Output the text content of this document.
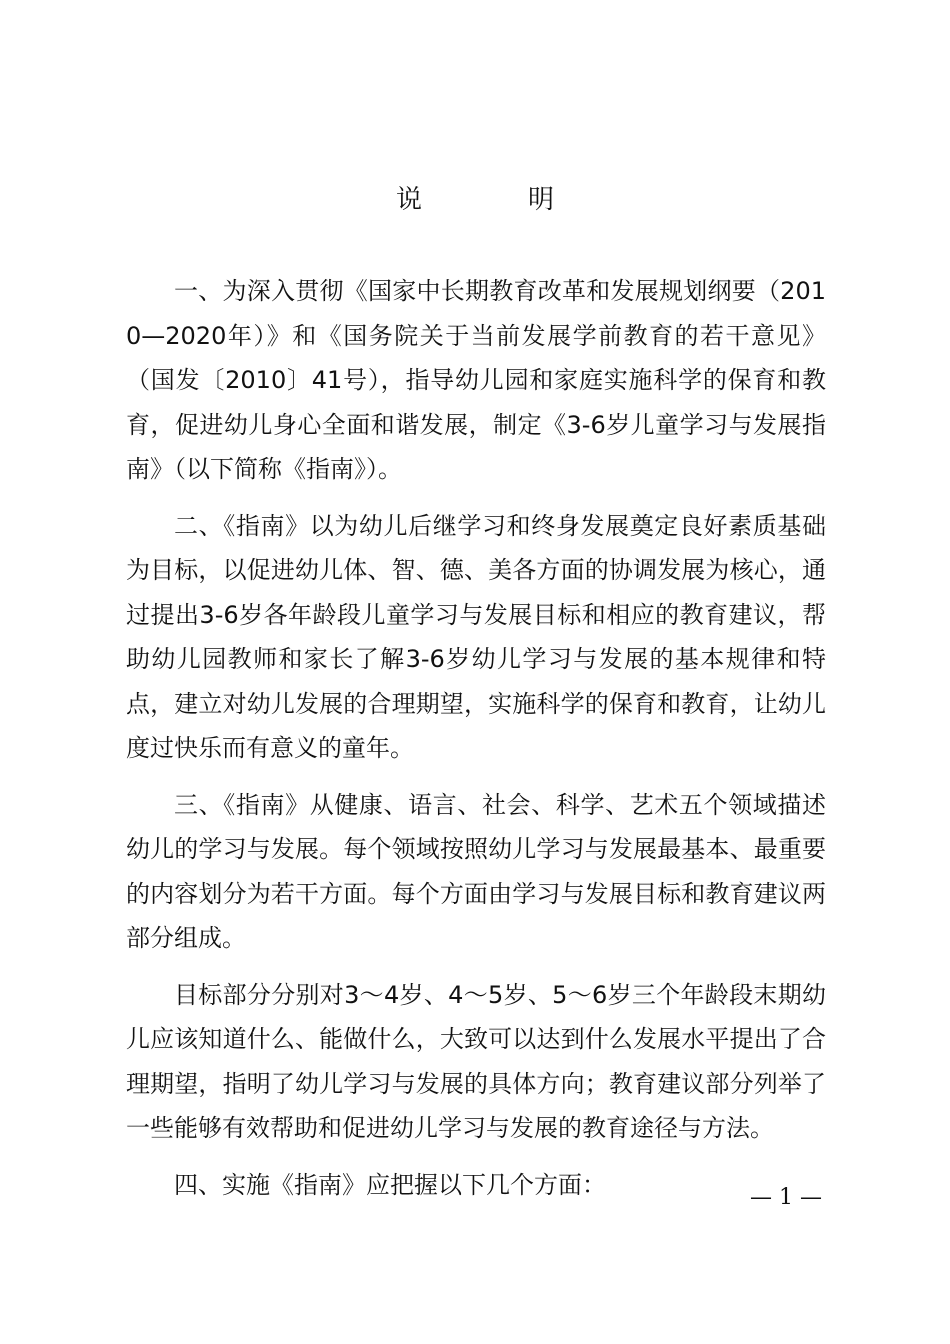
说　明

一、为深入贯彻《国家中长期教育改革和发展规划纲要（2010—2020年）》和《国务院关于当前发展学前教育的若干意见》（国发〔2010〕41号），指导幼儿园和家庭实施科学的保育和教育，促进幼儿身心全面和谐发展，制定《3-6岁儿童学习与发展指南》（以下简称《指南》）。

二、《指南》以为幼儿后继学习和终身发展奠定良好素质基础为目标，以促进幼儿体、智、德、美各方面的协调发展为核心，通过提出3-6岁各年龄段儿童学习与发展目标和相应的教育建议，帮助幼儿园教师和家长了解3-6岁幼儿学习与发展的基本规律和特点，建立对幼儿发展的合理期望，实施科学的保育和教育，让幼儿度过快乐而有意义的童年。

三、《指南》从健康、语言、社会、科学、艺术五个领域描述幼儿的学习与发展。每个领域按照幼儿学习与发展最基本、最重要的内容划分为若干方面。每个方面由学习与发展目标和教育建议两部分组成。

目标部分分别对3～4岁、4～5岁、5～6岁三个年龄段末期幼儿应该知道什么、能做什么，大致可以达到什么发展水平提出了合理期望，指明了幼儿学习与发展的具体方向；教育建议部分列举了一些能够有效帮助和促进幼儿学习与发展的教育途径与方法。

四、实施《指南》应把握以下几个方面：	— 1 —
